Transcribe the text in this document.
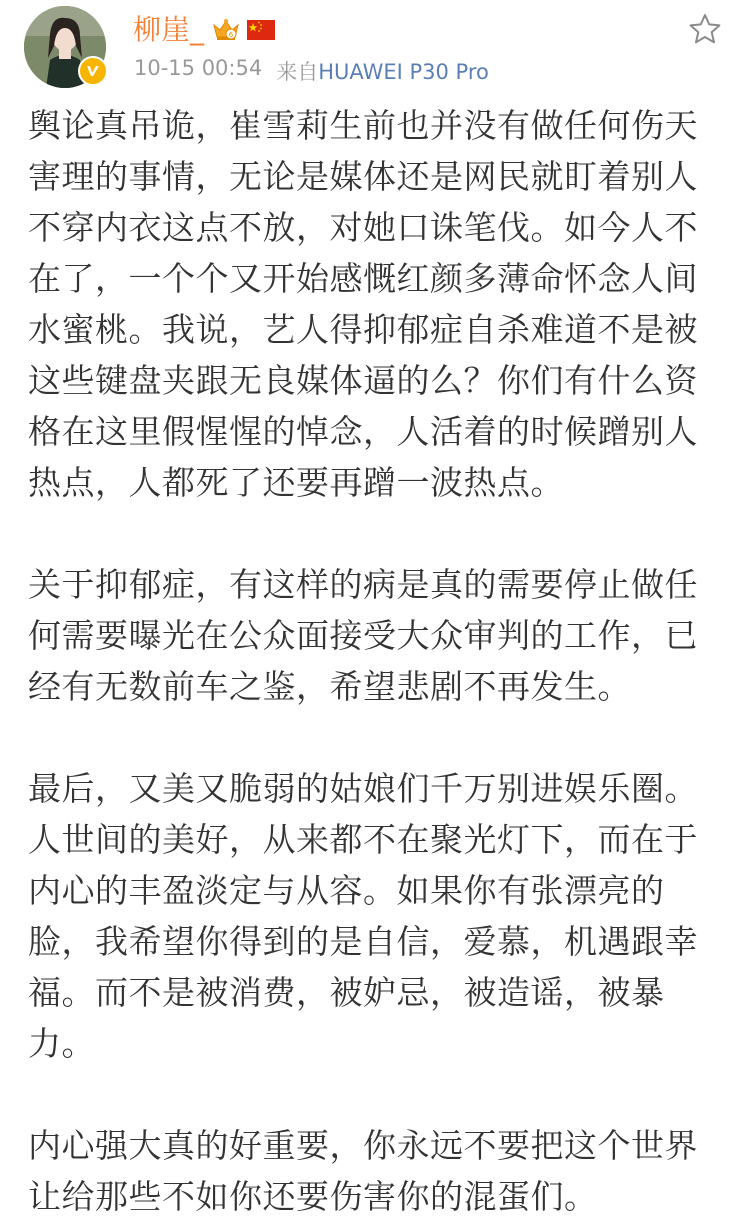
柳崖_	6
10-15 00:54 来自HUAWEI P30 Pro

舆论真吊诡，崔雪莉生前也并没有做任何伤天
害理的事情，无论是媒体还是网民就盯着别人
不穿内衣这点不放，对她口诛笔伐。如今人不
在了，一个个又开始感慨红颜多薄命怀念人间
水蜜桃。我说，艺人得抑郁症自杀难道不是被
这些键盘夹跟无良媒体逼的么？你们有什么资
格在这里假惺惺的悼念，人活着的时候蹭别人
热点，人都死了还要再蹭一波热点。

关于抑郁症，有这样的病是真的需要停止做任
何需要曝光在公众面接受大众审判的工作，已
经有无数前车之鉴，希望悲剧不再发生。

最后，又美又脆弱的姑娘们千万别进娱乐圈。
人世间的美好，从来都不在聚光灯下，而在于
内心的丰盈淡定与从容。如果你有张漂亮的
脸，我希望你得到的是自信，爱慕，机遇跟幸
福。而不是被消费，被妒忌，被造谣，被暴
力。

内心强大真的好重要，你永远不要把这个世界
让给那些不如你还要伤害你的混蛋们。
